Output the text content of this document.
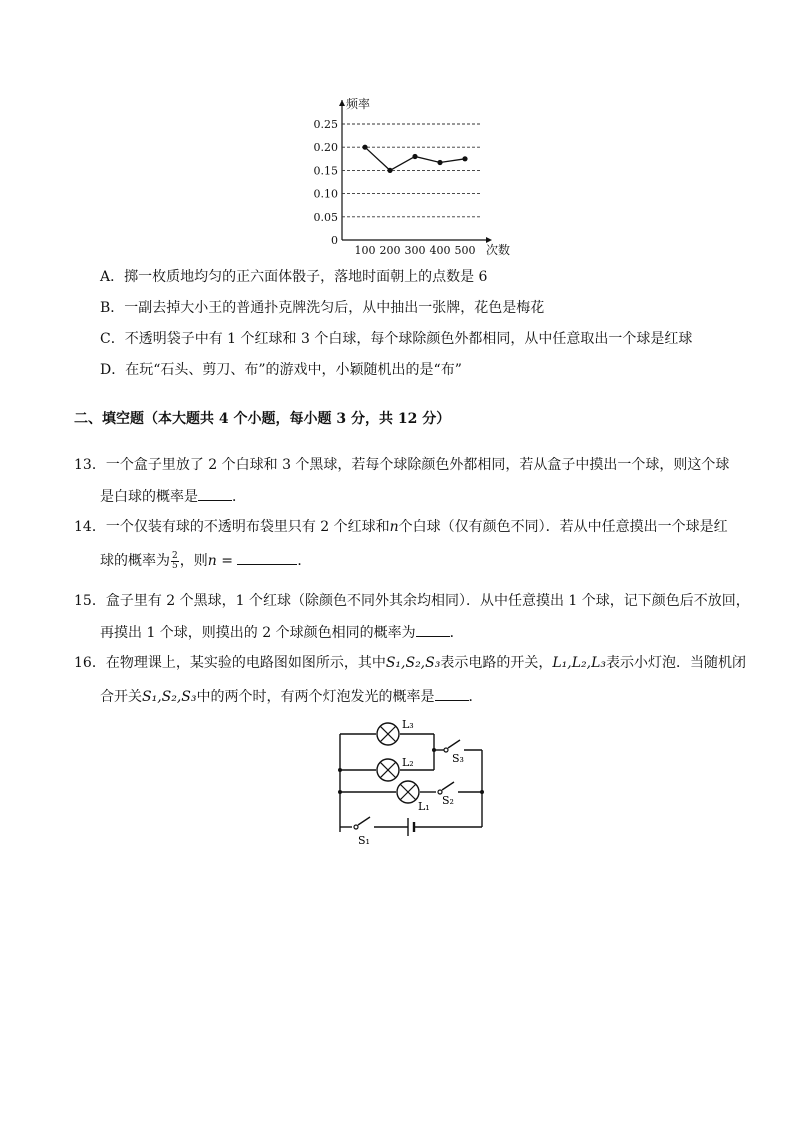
0.25
0.20
0.15
0.10
0.05
0
100 200 300 400 500
频率
次数
A．掷一枚质地均匀的正六面体骰子，落地时面朝上的点数是 6
B．一副去掉大小王的普通扑克牌洗匀后，从中抽出一张牌，花色是梅花
C．不透明袋子中有 1 个红球和 3 个白球，每个球除颜色外都相同，从中任意取出一个球是红球
D．在玩“石头、剪刀、布”的游戏中，小颖随机出的是“布”
二、填空题（本大题共 4 个小题，每小题 3 分，共 12 分）
13．一个盒子里放了 2 个白球和 3 个黑球，若每个球除颜色外都相同，若从盒子中摸出一个球，则这个球
是白球的概率是 ．
14．一个仅装有球的不透明布袋里只有 2 个红球和n个白球（仅有颜色不同）．若从中任意摸出一个球是红
球的概率为 $\frac{2}{5}$ ，则n =	．
15．盒子里有 2 个黑球，1 个红球（除颜色不同外其余均相同）．从中任意摸出 1 个球，记下颜色后不放回，
再摸出 1 个球，则摸出的 2 个球颜色相同的概率为 ．
16．在物理课上，某实验的电路图如图所示，其中S₁,S₂,S₃表示电路的开关，L₁,L₂,L₃表示小灯泡．当随机闭
合开关S₁,S₂,S₃中的两个时，有两个灯泡发光的概率是 ．
L₃
L₂
L₁
S₃
S₂
S₁
